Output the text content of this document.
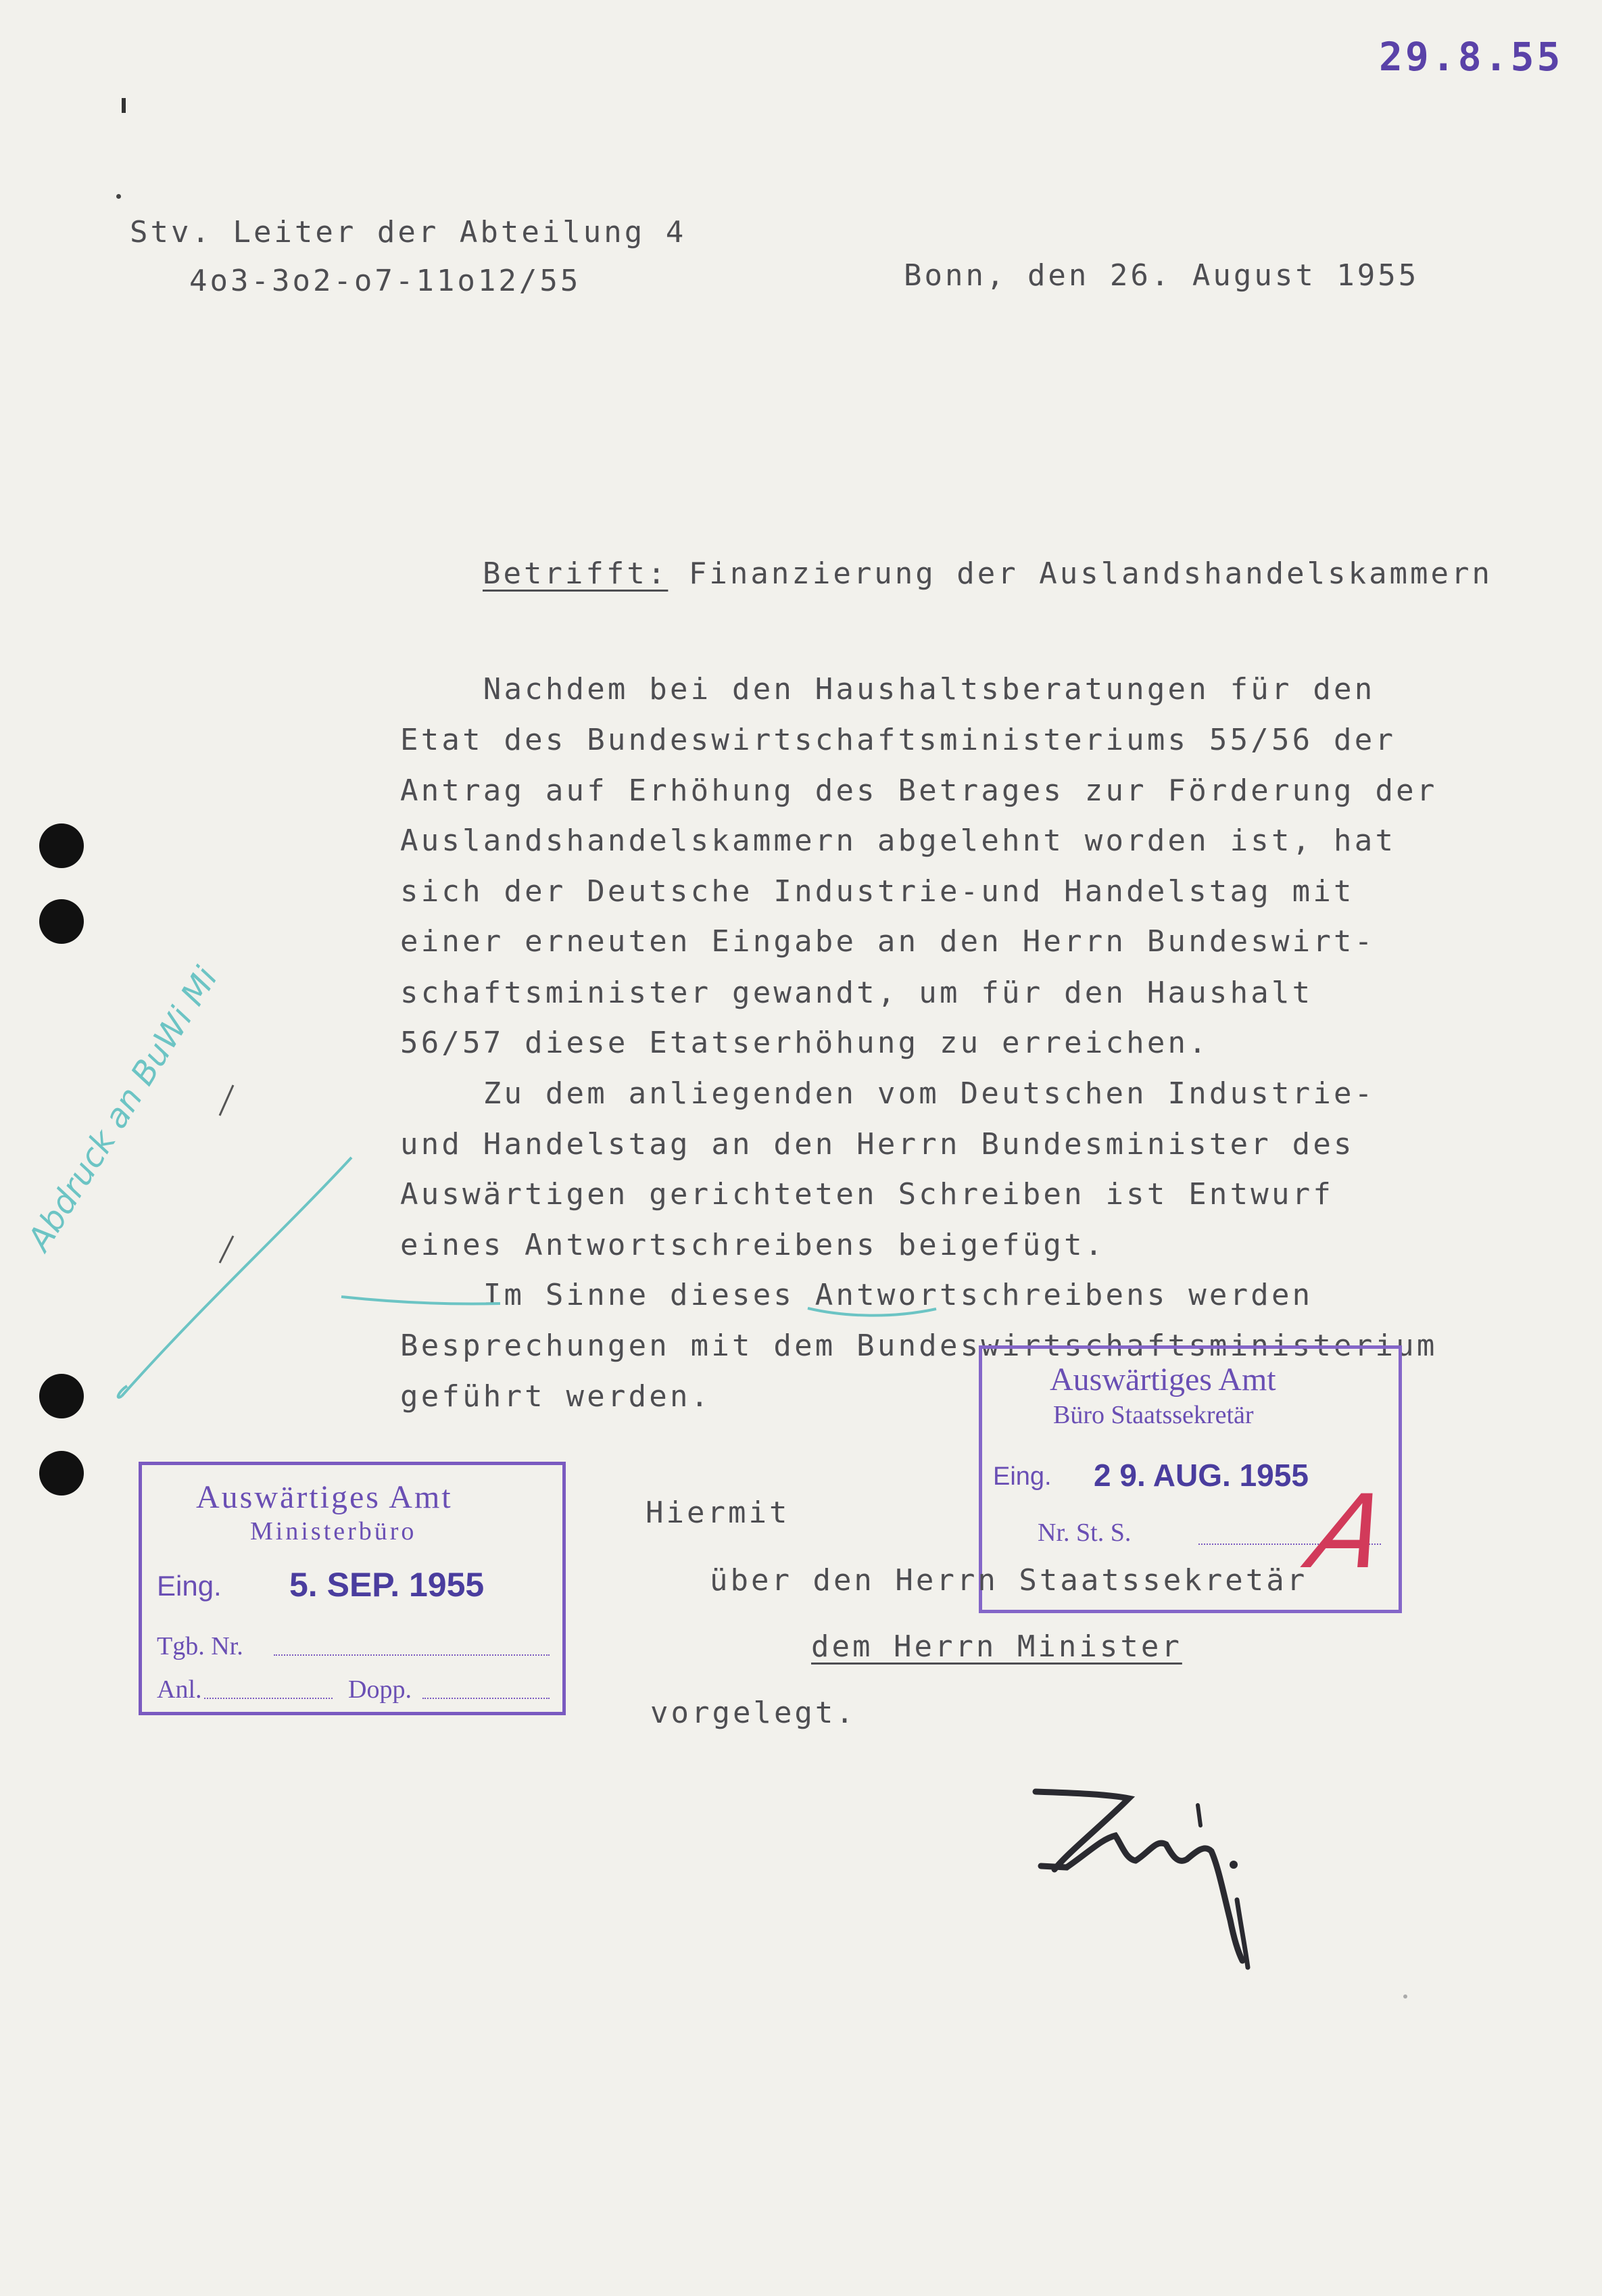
29.8.55
Stv. Leiter der Abteilung 4
4o3-3o2-o7-11o12/55	Bonn, den 26. August 1955

Betrifft: Finanzierung der Auslandshandelskammern

Nachdem bei den Haushaltsberatungen für den
Etat des Bundeswirtschaftsministeriums 55/56 der
Antrag auf Erhöhung des Betrages zur Förderung der
Auslandshandelskammern abgelehnt worden ist, hat
sich der Deutsche Industrie-und Handelstag mit
einer erneuten Eingabe an den Herrn Bundeswirt-
schaftsminister gewandt, um für den Haushalt
56/57 diese Etatserhöhung zu erreichen.
Zu dem anliegenden vom Deutschen Industrie-
und Handelstag an den Herrn Bundesminister des
Auswärtigen gerichteten Schreiben ist Entwurf
eines Antwortschreibens beigefügt.
Im Sinne dieses Antwortschreibens werden
Besprechungen mit dem Bundeswirtschaftsministerium
geführt werden.
Abdruck an BuWi Mi
Auswärtiges Amt
Ministerbüro
Eing. 5. SEP. 1955
Tgb. Nr.
Anl.	Dopp.
Auswärtiges Amt
Büro Staatssekretär
Eing. 2 9. AUG. 1955
Nr. St. S. A
Hiermit
über den Herrn Staatssekretär
dem Herrn Minister
vorgelegt.
